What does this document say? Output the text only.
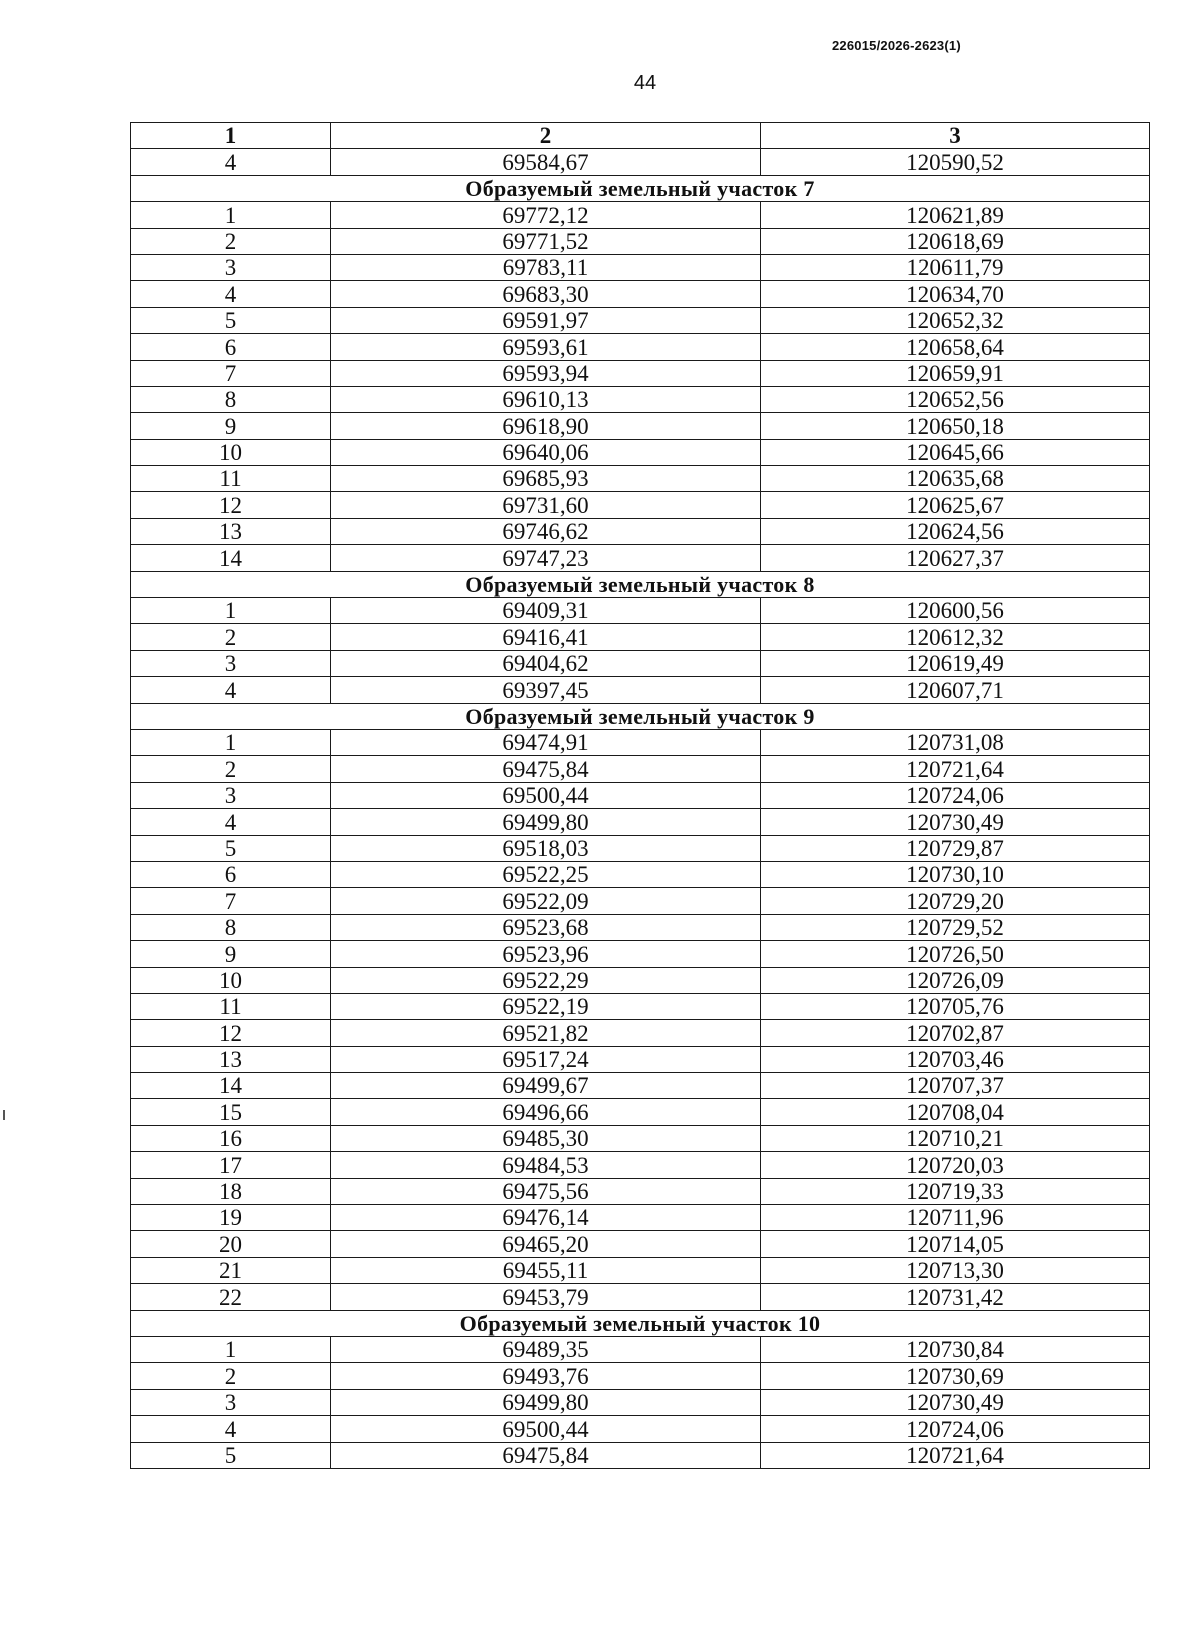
226015/2026-2623(1)
44
1	2	3
4	69584,67	120590,52
Образуемый земельный участок 7		
1	69772,12	120621,89
2	69771,52	120618,69
3	69783,11	120611,79
4	69683,30	120634,70
5	69591,97	120652,32
6	69593,61	120658,64
7	69593,94	120659,91
8	69610,13	120652,56
9	69618,90	120650,18
10	69640,06	120645,66
11	69685,93	120635,68
12	69731,60	120625,67
13	69746,62	120624,56
14	69747,23	120627,37
Образуемый земельный участок 8		
1	69409,31	120600,56
2	69416,41	120612,32
3	69404,62	120619,49
4	69397,45	120607,71
Образуемый земельный участок 9		
1	69474,91	120731,08
2	69475,84	120721,64
3	69500,44	120724,06
4	69499,80	120730,49
5	69518,03	120729,87
6	69522,25	120730,10
7	69522,09	120729,20
8	69523,68	120729,52
9	69523,96	120726,50
10	69522,29	120726,09
11	69522,19	120705,76
12	69521,82	120702,87
13	69517,24	120703,46
14	69499,67	120707,37
15	69496,66	120708,04
16	69485,30	120710,21
17	69484,53	120720,03
18	69475,56	120719,33
19	69476,14	120711,96
20	69465,20	120714,05
21	69455,11	120713,30
22	69453,79	120731,42
Образуемый земельный участок 10		
1	69489,35	120730,84
2	69493,76	120730,69
3	69499,80	120730,49
4	69500,44	120724,06
5	69475,84	120721,64
